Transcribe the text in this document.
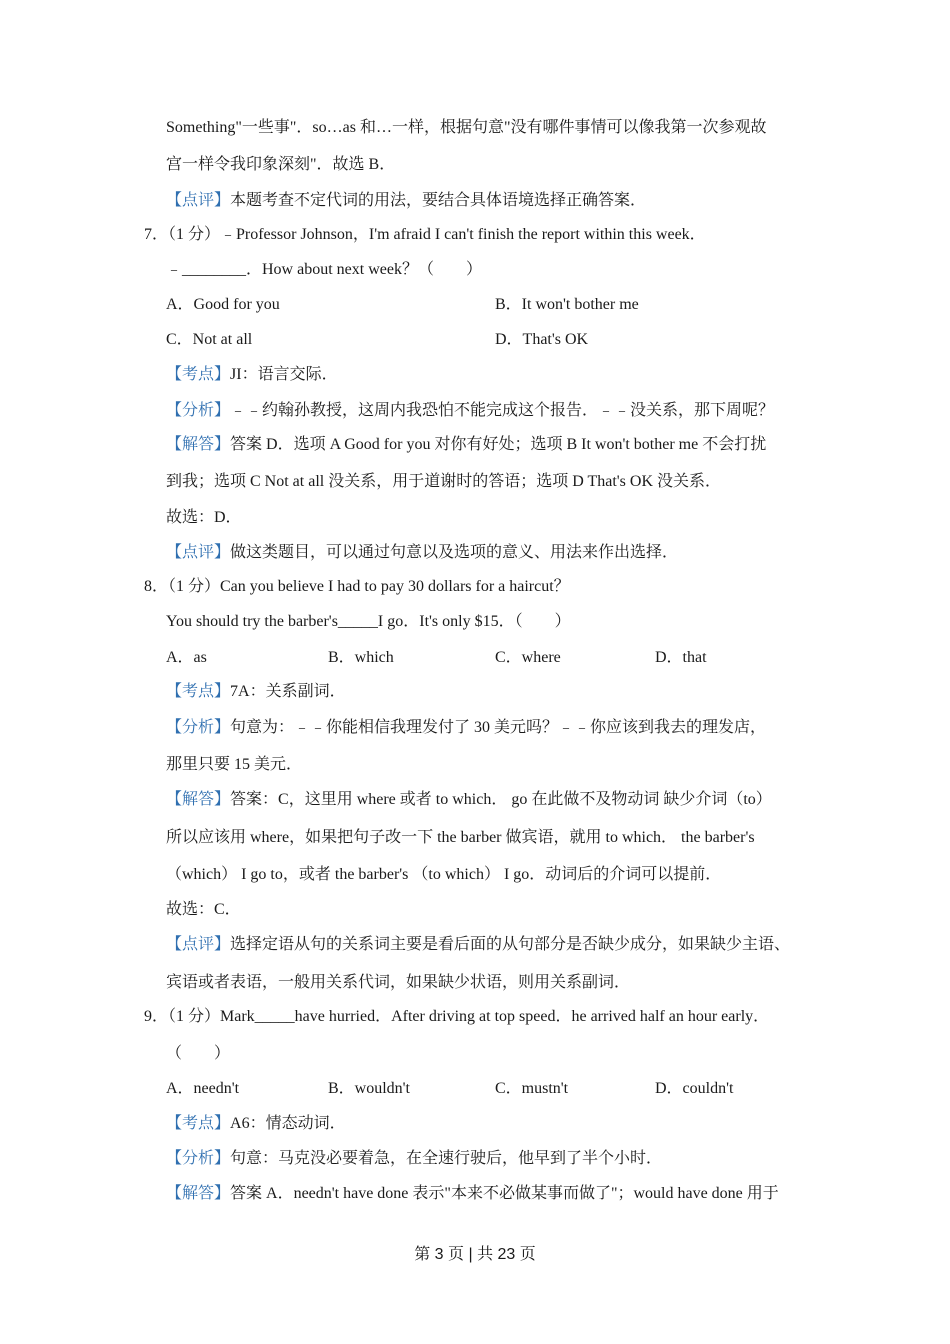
Something"一些事"．so…as 和…一样，根据句意"没有哪件事情可以像我第一次参观故
宫一样令我印象深刻"．故选 B．
【点评】本题考查不定代词的用法，要结合具体语境选择正确答案．
7．（1 分）﹣Professor Johnson，I'm afraid I can't finish the report within this week．
﹣________．How about next week？（　　）
A．Good for you	B．It won't bother me
C．Not at all	D．That's OK
【考点】JI：语言交际．
【分析】﹣﹣约翰孙教授，这周内我恐怕不能完成这个报告．﹣﹣没关系，那下周呢？
【解答】答案 D．选项 A Good for you 对你有好处；选项 B It won't bother me 不会打扰
到我；选项 C Not at all 没关系，用于道谢时的答语；选项 D That's OK 没关系．
故选：D．
【点评】做这类题目，可以通过句意以及选项的意义、用法来作出选择．
8．（1 分）Can you believe I had to pay 30 dollars for a haircut？
You should try the barber's_____I go．It's only $15．（　　）
A．as	B．which	C．where	D．that
【考点】7A：关系副词．
【分析】句意为：﹣﹣你能相信我理发付了 30 美元吗？﹣﹣你应该到我去的理发店，
那里只要 15 美元．
【解答】答案：C，这里用 where 或者 to which． go 在此做不及物动词 缺少介词（to）
所以应该用 where，如果把句子改一下 the barber 做宾语，就用 to which． the barber's
（which） I go to，或者 the barber's （to which） I go．动词后的介词可以提前．
故选：C．
【点评】选择定语从句的关系词主要是看后面的从句部分是否缺少成分，如果缺少主语、
宾语或者表语，一般用关系代词，如果缺少状语，则用关系副词．
9．（1 分）Mark_____have hurried．After driving at top speed．he arrived half an hour early．
（　　）
A．needn't	B．wouldn't	C．mustn't	D．couldn't
【考点】A6：情态动词．
【分析】句意：马克没必要着急，在全速行驶后，他早到了半个小时．
【解答】答案 A．needn't have done 表示"本来不必做某事而做了"；would have done 用于
第 3 页 | 共 23 页
